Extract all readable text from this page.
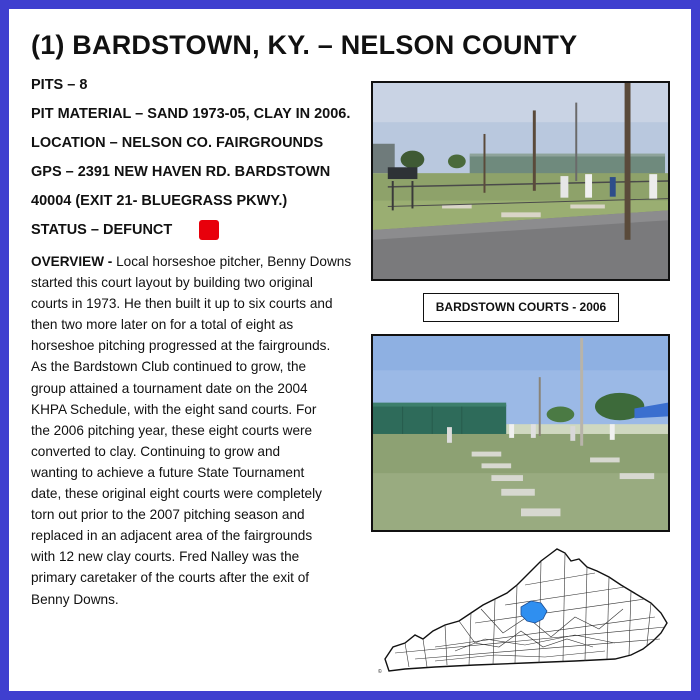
(1) BARDSTOWN, KY. – NELSON COUNTY
PITS – 8
PIT MATERIAL – SAND 1973-05, CLAY IN 2006.
LOCATION – NELSON CO. FAIRGROUNDS
GPS – 2391 NEW HAVEN RD. BARDSTOWN
40004 (EXIT 21- BLUEGRASS PKWY.)
STATUS – DEFUNCT
OVERVIEW - Local horseshoe pitcher, Benny Downs
started this court layout by building two original
courts in 1973. He then built it up to six courts and
then two more later on for a total of eight as
horseshoe pitching progressed at the fairgrounds.
As the Bardstown Club continued to grow, the
group attained a tournament date on the 2004
KHPA Schedule, with the eight sand courts. For
the 2006 pitching year, these eight courts were
converted to clay. Continuing to grow and
wanting to achieve a future State Tournament
date, these original eight courts were completely
torn out prior to the 2007 pitching season and
replaced in an adjacent area of the fairgrounds
with 12 new clay courts. Fred Nalley was the
primary caretaker of the courts after the exit of
Benny Downs.
BARDSTOWN COURTS - 2006
©
